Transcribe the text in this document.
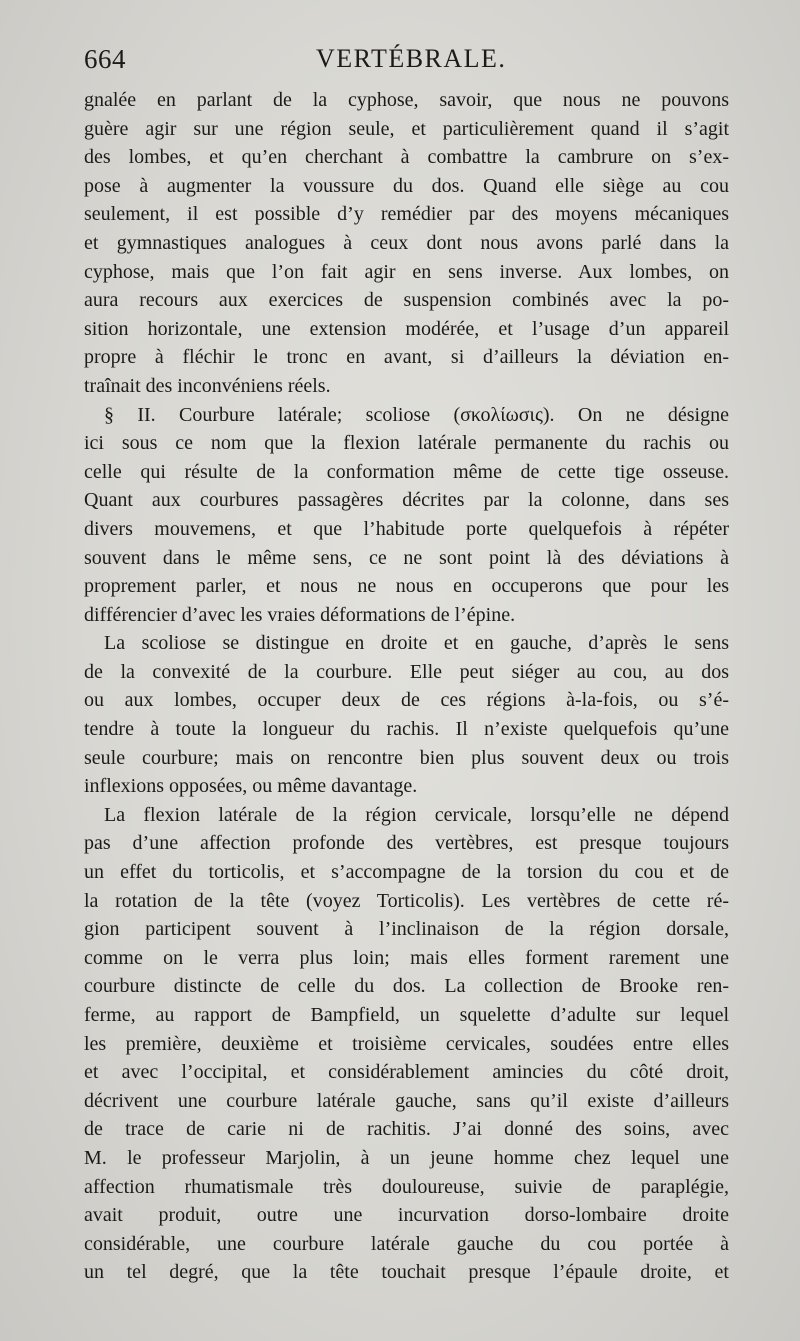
664	VERTÉBRALE.
gnalée en parlant de la cyphose, savoir, que nous ne pouvons
guère agir sur une région seule, et particulièrement quand il s’agit
des lombes, et qu’en cherchant à combattre la cambrure on s’ex-
pose à augmenter la voussure du dos. Quand elle siège au cou
seulement, il est possible d’y remédier par des moyens mécaniques
et gymnastiques analogues à ceux dont nous avons parlé dans la
cyphose, mais que l’on fait agir en sens inverse. Aux lombes, on
aura recours aux exercices de suspension combinés avec la po-
sition horizontale, une extension modérée, et l’usage d’un appareil
propre à fléchir le tronc en avant, si d’ailleurs la déviation en-
traînait des inconvéniens réels.
§ II. Courbure latérale; scoliose (σκολίωσις). On ne désigne
ici sous ce nom que la flexion latérale permanente du rachis ou
celle qui résulte de la conformation même de cette tige osseuse.
Quant aux courbures passagères décrites par la colonne, dans ses
divers mouvemens, et que l’habitude porte quelquefois à répéter
souvent dans le même sens, ce ne sont point là des déviations à
proprement parler, et nous ne nous en occuperons que pour les
différencier d’avec les vraies déformations de l’épine.
La scoliose se distingue en droite et en gauche, d’après le sens
de la convexité de la courbure. Elle peut siéger au cou, au dos
ou aux lombes, occuper deux de ces régions à-la-fois, ou s’é-
tendre à toute la longueur du rachis. Il n’existe quelquefois qu’une
seule courbure; mais on rencontre bien plus souvent deux ou trois
inflexions opposées, ou même davantage.
La flexion latérale de la région cervicale, lorsqu’elle ne dépend
pas d’une affection profonde des vertèbres, est presque toujours
un effet du torticolis, et s’accompagne de la torsion du cou et de
la rotation de la tête (voyez Torticolis). Les vertèbres de cette ré-
gion participent souvent à l’inclinaison de la région dorsale,
comme on le verra plus loin; mais elles forment rarement une
courbure distincte de celle du dos. La collection de Brooke ren-
ferme, au rapport de Bampfield, un squelette d’adulte sur lequel
les première, deuxième et troisième cervicales, soudées entre elles
et avec l’occipital, et considérablement amincies du côté droit,
décrivent une courbure latérale gauche, sans qu’il existe d’ailleurs
de trace de carie ni de rachitis. J’ai donné des soins, avec
M. le professeur Marjolin, à un jeune homme chez lequel une
affection rhumatismale très douloureuse, suivie de paraplégie,
avait produit, outre une incurvation dorso-lombaire droite
considérable, une courbure latérale gauche du cou portée à
un tel degré, que la tête touchait presque l’épaule droite, et
